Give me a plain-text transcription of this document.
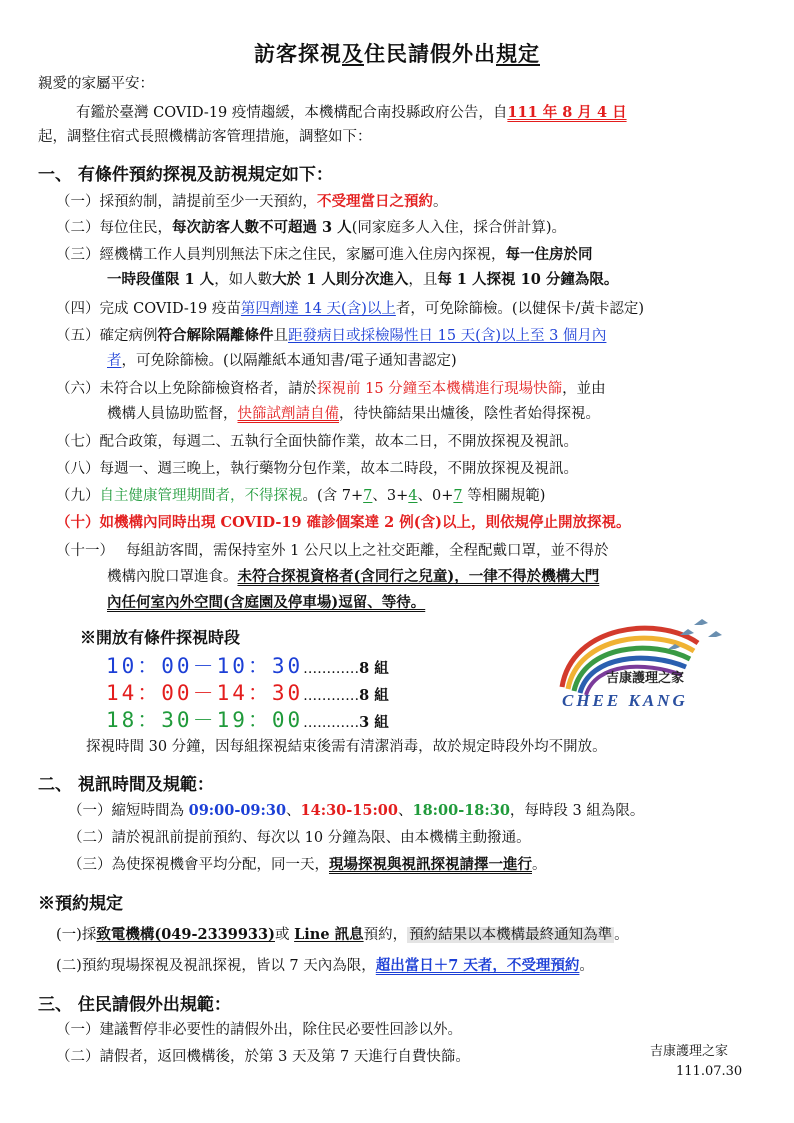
訪客探視及住民請假外出規定
親愛的家屬平安：
有鑑於臺灣 COVID-19 疫情趨緩，本機構配合南投縣政府公告，自111 年 8 月 4 日
起，調整住宿式長照機構訪客管理措施，調整如下：
一、 有條件預約探視及訪視規定如下：
（一）採預約制，請提前至少一天預約，不受理當日之預約。
（二）每位住民，每次訪客人數不可超過 3 人(同家庭多人入住，採合併計算)。
（三）經機構工作人員判別無法下床之住民，家屬可進入住房內探視，每一住房於同
一時段僅限 1 人，如人數大於 1 人則分次進入，且每 1 人探視 10 分鐘為限。
（四）完成 COVID-19 疫苗第四劑達 14 天(含)以上者，可免除篩檢。(以健保卡/黃卡認定)
（五）確定病例符合解除隔離條件且距發病日或採檢陽性日 15 天(含)以上至 3 個月內
者，可免除篩檢。(以隔離紙本通知書/電子通知書認定)
（六）未符合以上免除篩檢資格者，請於探視前 15 分鐘至本機構進行現場快篩，並由
機構人員協助監督，快篩試劑請自備，待快篩結果出爐後，陰性者始得探視。
（七）配合政策，每週二、五執行全面快篩作業，故本二日，不開放探視及視訊。
（八）每週一、週三晚上，執行藥物分包作業，故本二時段，不開放探視及視訊。
（九）自主健康管理期間者，不得探視。(含 7+7、3+4、0+7 等相關規範)
（十）如機構內同時出現 COVID-19 確診個案達 2 例(含)以上，則依規停止開放探視。
（十一） 每組訪客間，需保持室外 1 公尺以上之社交距離，全程配戴口罩，並不得於
機構內脫口罩進食。未符合探視資格者(含同行之兒童)，一律不得於機構大門
內任何室內外空間(含庭園及停車場)逗留、等待。
※開放有條件探視時段
10：00－10：30…………8 組
14：00－14：30…………8 組
18：30－19：00…………3 組
探視時間 30 分鐘，因每組探視結束後需有清潔消毒，故於規定時段外均不開放。
吉康護理之家
CHEE KANG
二、 視訊時間及規範：
（一）縮短時間為 09:00-09:30、14:30-15:00、18:00-18:30，每時段 3 組為限。
（二）請於視訊前提前預約、每次以 10 分鐘為限、由本機構主動撥通。
（三）為使探視機會平均分配，同一天，現場探視與視訊探視請擇一進行。
※預約規定
(一)採致電機構(049-2339933)或 Line 訊息預約， 預約結果以本機構最終通知為準 。
(二)預約現場探視及視訊探視，皆以 7 天內為限，超出當日＋7 天者，不受理預約。
三、 住民請假外出規範：
（一）建議暫停非必要性的請假外出，除住民必要性回診以外。
（二）請假者，返回機構後，於第 3 天及第 7 天進行自費快篩。	吉康護理之家
111.07.30
